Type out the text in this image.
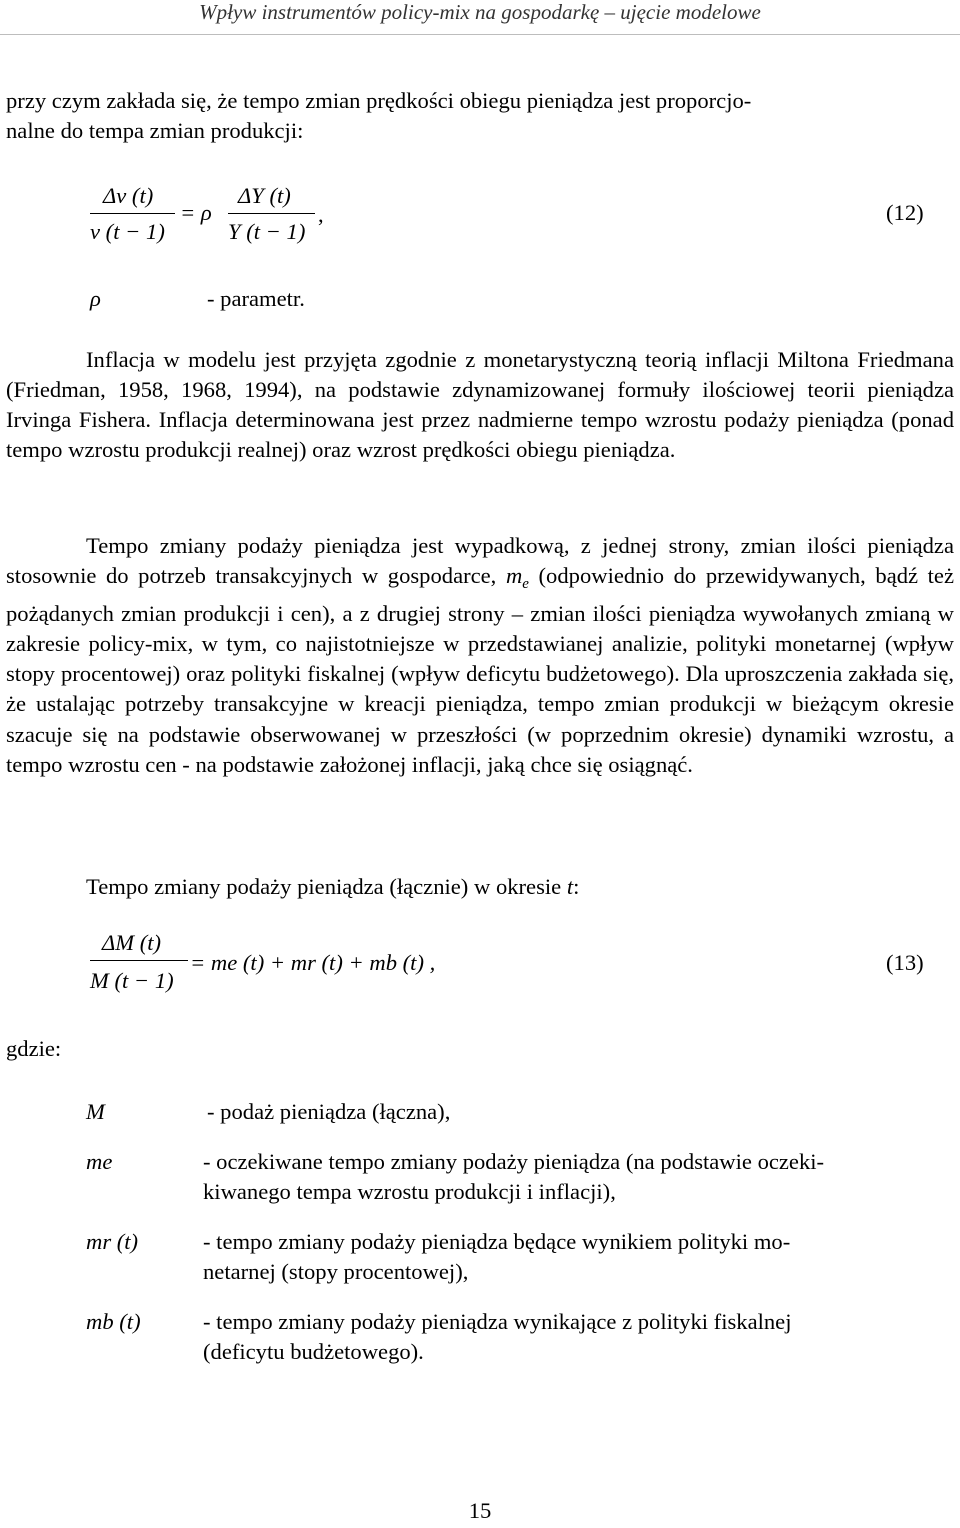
Wpływ instrumentów policy-mix na gospodarkę – ujęcie modelowe
przy czym zakłada się, że tempo zmian prędkości obiegu pieniądza jest proporcjo-
nalne do tempa zmian produkcji:
Δv (t)
v (t − 1)
= ρ
ΔY (t)
Y (t − 1)
,	(12)
ρ	- parametr.

Inflacja w modelu jest przyjęta zgodnie z monetarystyczną teorią inflacji Miltona Friedmana (Friedman, 1958, 1968, 1994), na podstawie zdynamizowanej formuły ilościowej teorii pieniądza Irvinga Fishera. Inflacja determinowana jest przez nadmierne tempo wzrostu podaży pieniądza (ponad tempo wzrostu produkcji realnej) oraz wzrost prędkości obiegu pieniądza.

Tempo zmiany podaży pieniądza jest wypadkową, z jednej strony, zmian ilości pieniądza stosownie do potrzeb transakcyjnych w gospodarce, $m_e$ (odpowiednio do przewidywanych, bądź też pożądanych zmian produkcji i cen), a z drugiej strony – zmian ilości pieniądza wywołanych zmianą w zakresie policy-mix, w tym, co najistotniejsze w przedstawianej analizie, polityki monetarnej (wpływ stopy procentowej) oraz polityki fiskalnej (wpływ deficytu budżetowego). Dla uproszczenia zakłada się, że ustalając potrzeby transakcyjne w kreacji pieniądza, tempo zmian produkcji w bieżącym okresie szacuje się na podstawie obserwowanej w przeszłości (w poprzednim okresie) dynamiki wzrostu, a tempo wzrostu cen - na podstawie założonej inflacji, jaką chce się osiągnąć.

Tempo zmiany podaży pieniądza (łącznie) w okresie t:
ΔM (t)
M (t − 1)
= me (t) + mr (t) + mb (t) ,	(13)
gdzie:
M	- podaż pieniądza (łączna),
me	- oczekiwane tempo zmiany podaży pieniądza (na podstawie oczeki-
kiwanego tempa wzrostu produkcji i inflacji),
mr (t)	- tempo zmiany podaży pieniądza będące wynikiem polityki mo-
netarnej (stopy procentowej),
mb (t)	- tempo zmiany podaży pieniądza wynikające z polityki fiskalnej
(deficytu budżetowego).
15
